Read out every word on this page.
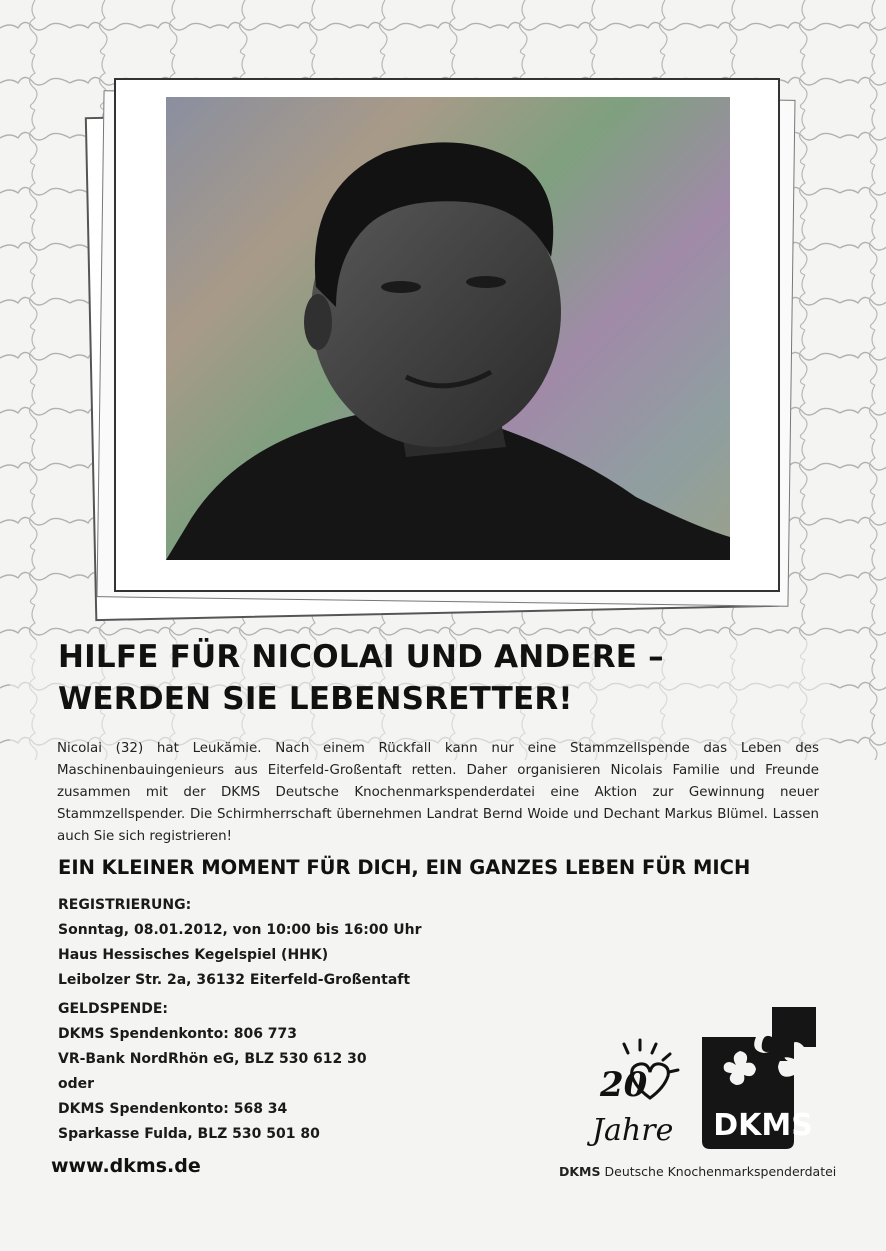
HILFE FÜR NICOLAI UND ANDERE –
WERDEN SIE LEBENSRETTER!
Nicolai (32) hat Leukämie. Nach einem Rückfall kann nur eine Stammzellspende das Leben des Maschinenbauingenieurs aus Eiterfeld-Großentaft retten. Daher organisieren Nicolais Familie und Freunde zusammen mit der DKMS Deutsche Knochenmarkspenderdatei eine Aktion zur Gewinnung neuer Stammzellspender. Die Schirmherrschaft übernehmen Landrat Bernd Woide und Dechant Markus Blümel. Lassen auch Sie sich registrieren!
EIN KLEINER MOMENT FÜR DICH, EIN GANZES LEBEN FÜR MICH
REGISTRIERUNG:
Sonntag, 08.01.2012, von 10:00 bis 16:00 Uhr
Haus Hessisches Kegelspiel (HHK)
Leibolzer Str. 2a, 36132 Eiterfeld-Großentaft
GELDSPENDE:
DKMS Spendenkonto: 806 773
VR-Bank NordRhön eG, BLZ 530 612 30
oder
DKMS Spendenkonto: 568 34
Sparkasse Fulda, BLZ 530 501 80
www.dkms.de
20
Jahre DKMS
DKMS Deutsche Knochenmarkspenderdatei
